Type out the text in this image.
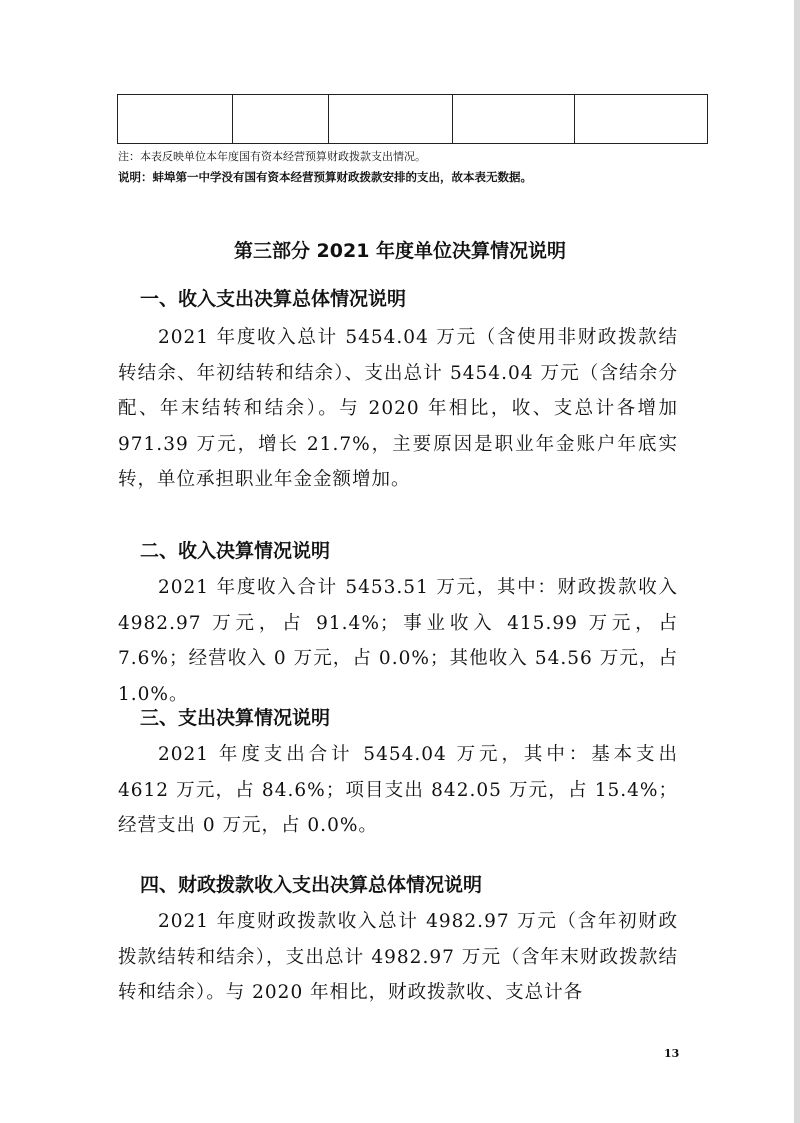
注：本表反映单位本年度国有资本经营预算财政拨款支出情况。
说明：蚌埠第一中学没有国有资本经营预算财政拨款安排的支出，故本表无数据。
第三部分 2021 年度单位决算情况说明
一、收入支出决算总体情况说明
2021 年度收入总计 5454.04 万元（含使用非财政拨款结转结余、年初结转和结余）、支出总计 5454.04 万元（含结余分配、年末结转和结余）。与 2020 年相比，收、支总计各增加 971.39 万元，增长 21.7%，主要原因是职业年金账户年底实转，单位承担职业年金金额增加。
二、收入决算情况说明
2021 年度收入合计 5453.51 万元，其中：财政拨款收入 4982.97 万元，占 91.4%；事业收入 415.99 万元，占 7.6%；经营收入 0 万元，占 0.0%；其他收入 54.56 万元，占 1.0%。
三、支出决算情况说明
2021 年度支出合计 5454.04 万元，其中：基本支出 4612 万元，占 84.6%；项目支出 842.05 万元，占 15.4%；经营支出 0 万元，占 0.0%。
四、财政拨款收入支出决算总体情况说明
2021 年度财政拨款收入总计 4982.97 万元（含年初财政拨款结转和结余），支出总计 4982.97 万元（含年末财政拨款结转和结余）。与 2020 年相比，财政拨款收、支总计各
13
